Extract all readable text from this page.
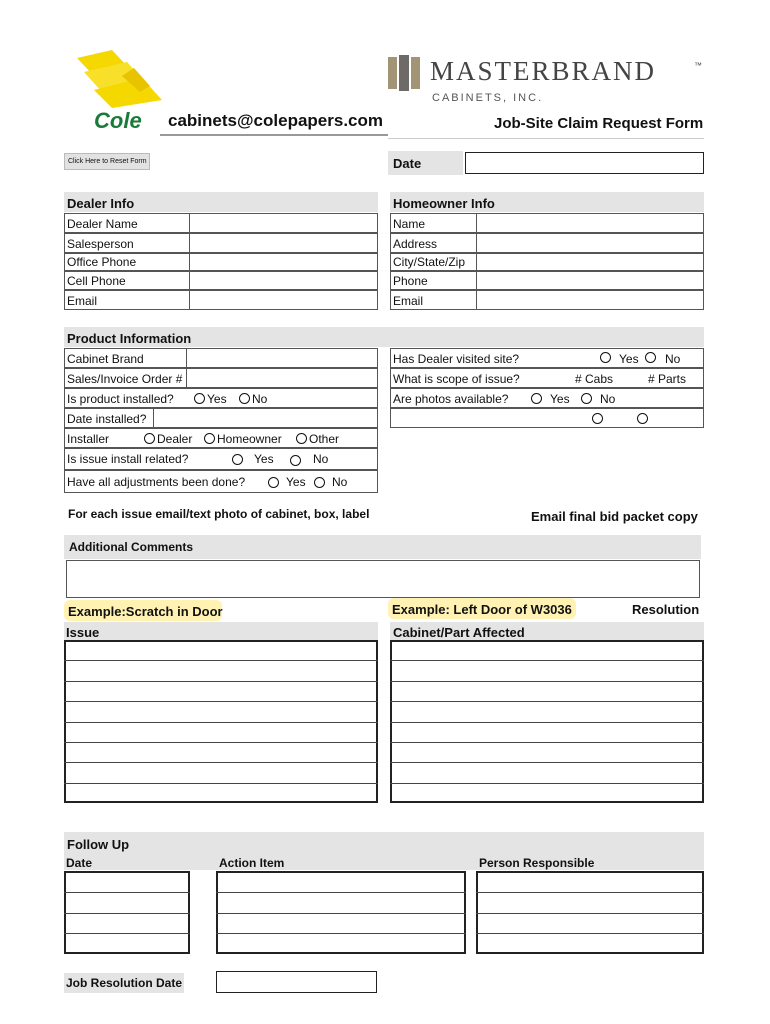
Cole cabinets@colepapers.com
MASTERBRAND	™
CABINETS, INC.
Job-Site Claim Request Form
Click Here to Reset Form	Date
Dealer Info
Dealer Name
Salesperson
Office Phone
Cell Phone
Email
Homeowner Info
Name
Address
City/State/Zip
Phone
Email
Product Information
Cabinet Brand
Sales/Invoice Order #
Is product installed?	Yes No
Date installed?
Installer	Dealer Homeowner Other
Is issue install related?	Yes	No
Have all adjustments been done?	Yes No
Has Dealer visited site?	Yes No
What is scope of issue?	# Cabs	# Parts
Are photos available?	Yes	No
For each issue email/text photo of cabinet, box, label	Email final bid packet copy
Additional Comments
Example:Scratch in Door	Example: Left Door of W3036	Resolution
Issue	Cabinet/Part Affected
Follow Up
Date	Action Item	Person Responsible
Job Resolution Date
